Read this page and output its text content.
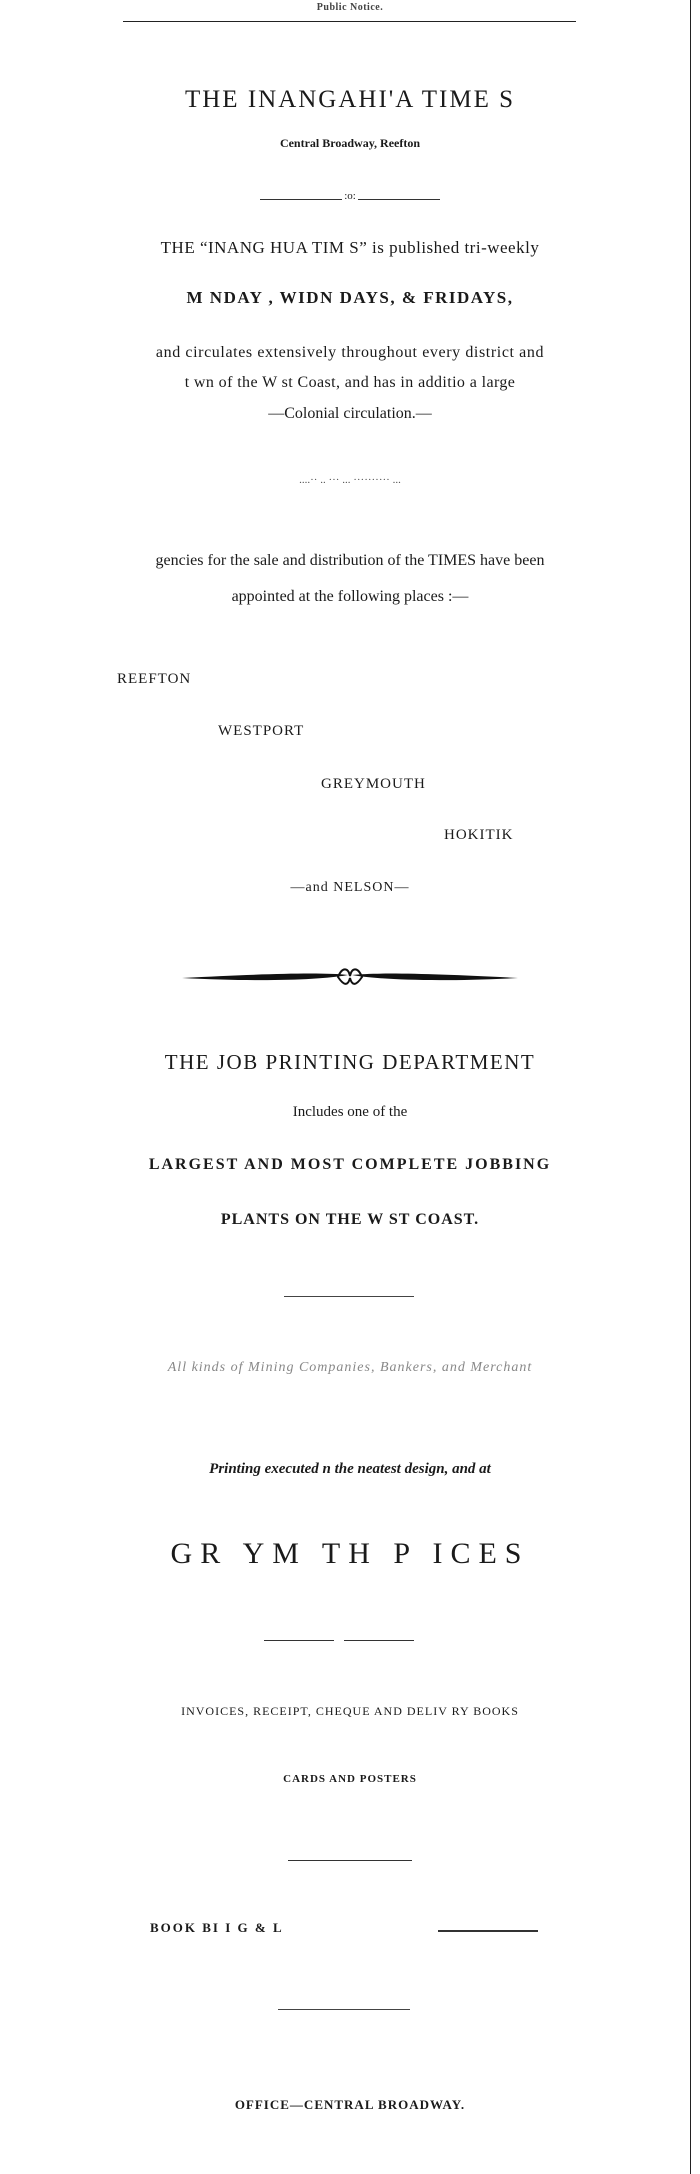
Public Notice.
THE INANGAHI'A TIME S
Central Broadway, Reefton
:o:
THE “INANG HUA TIM S” is published tri-weekly
M NDAY , WIDN DAYS, & FRIDAYS,
and circulates extensively throughout every district and
t wn of the W st Coast, and has in additio a large
—Colonial circulation.—
....·· .. ··· ... ·········· ...
gencies for the sale and distribution of the TIMES have been
appointed at the following places :—
REEFTON
WESTPORT
GREYMOUTH
HOKITIK
—and NELSON—
THE JOB PRINTING DEPARTMENT
Includes one of the
LARGEST AND MOST COMPLETE JOBBING
PLANTS ON THE W ST COAST.
All kinds of Mining Companies, Bankers, and Merchant
Printing executed n the neatest design, and at
GR YM TH P ICES
INVOICES, RECEIPT, CHEQUE AND DELIV RY BOOKS
CARDS AND POSTERS
BOOK BI I G & L
OFFICE—CENTRAL BROADWAY.
